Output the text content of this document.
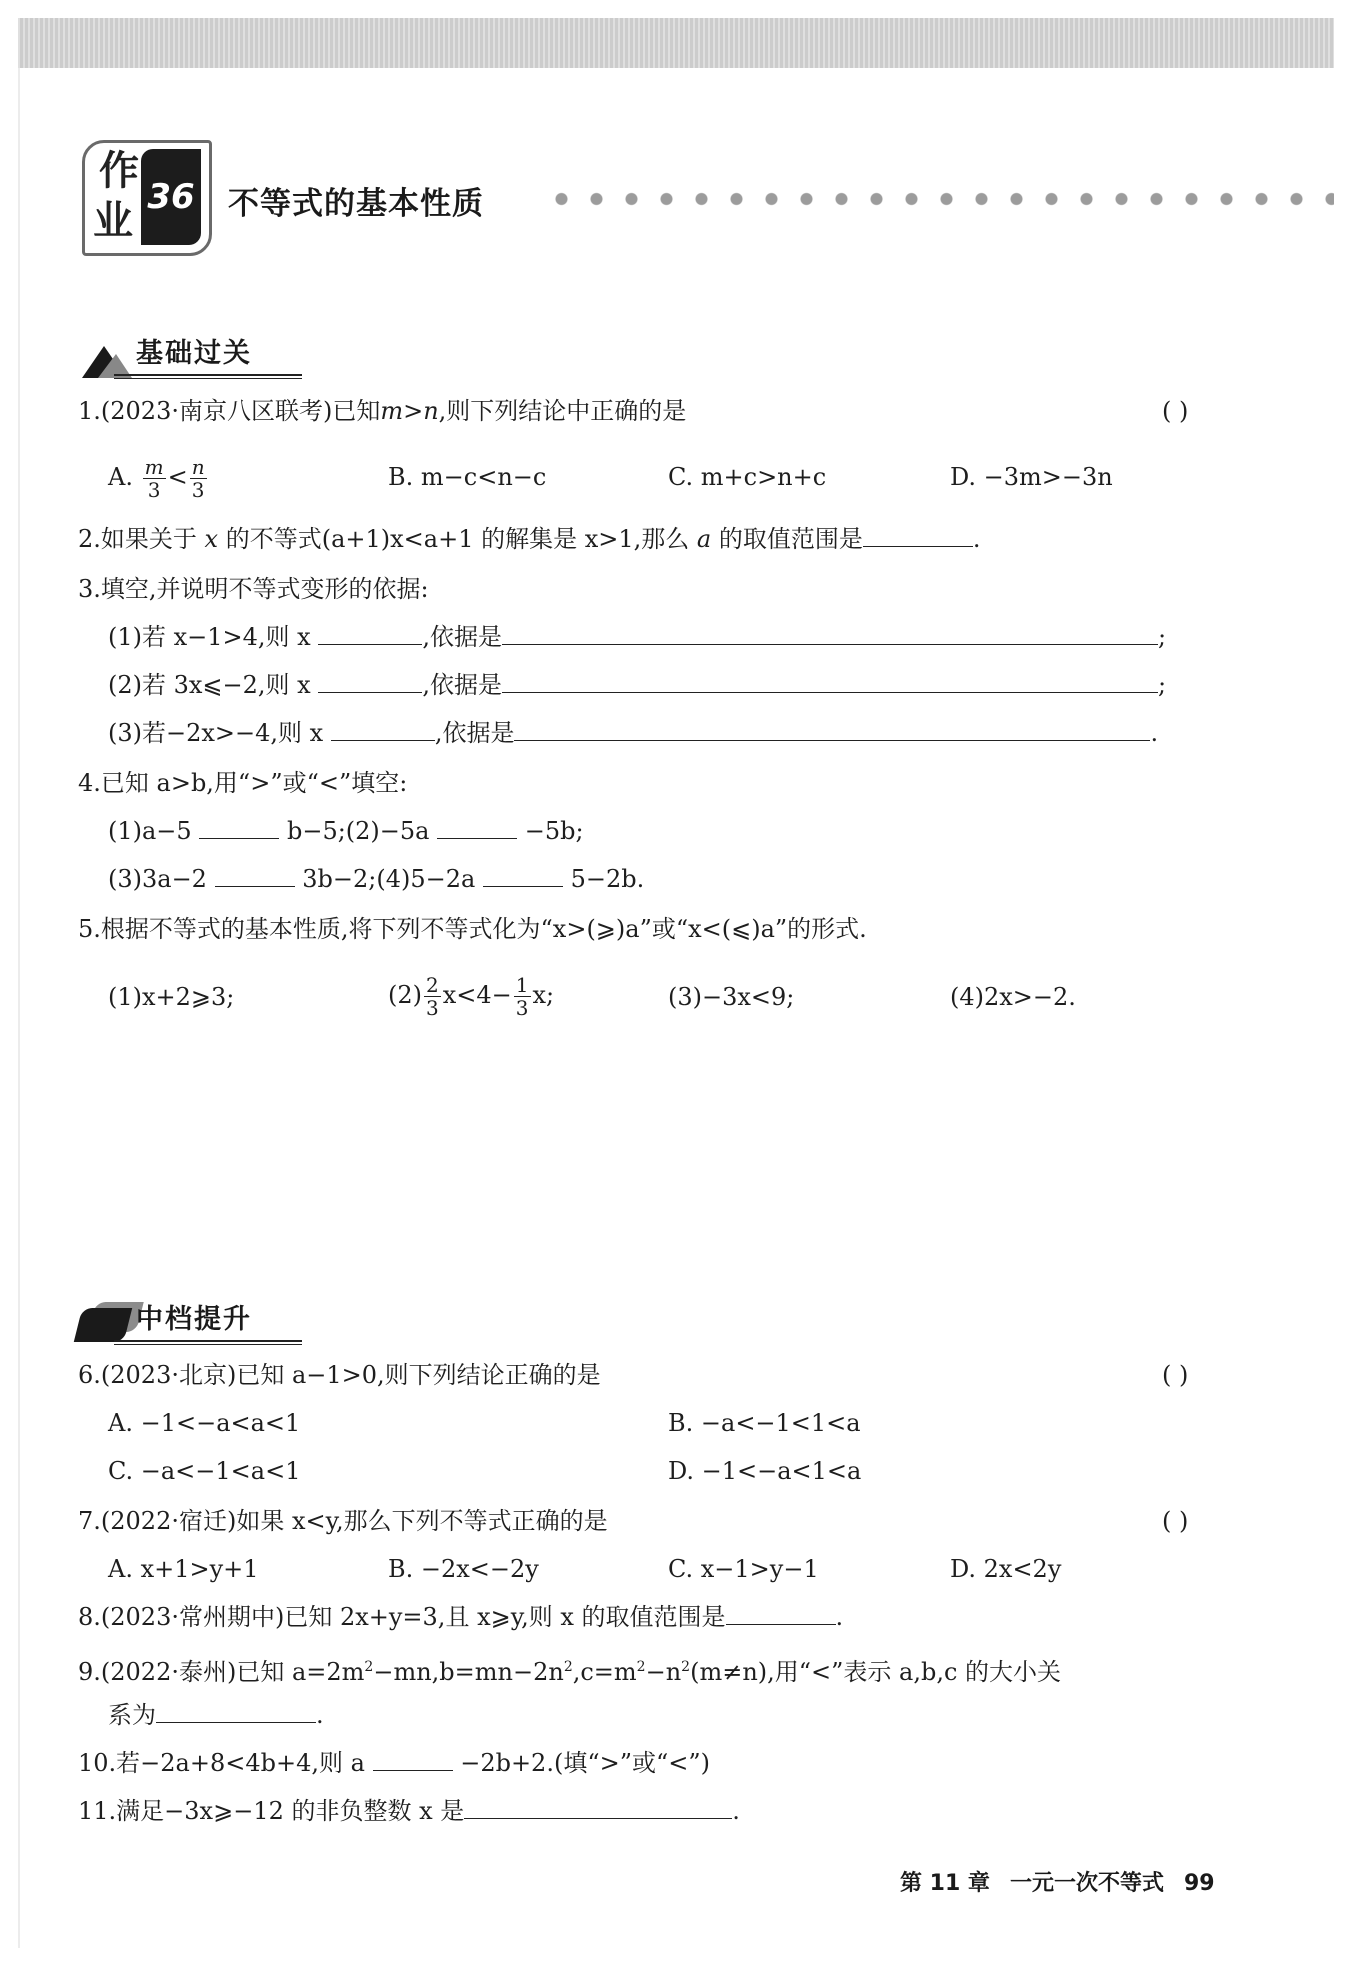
作
业
36 不等式的基本性质
基础过关
1.(2023·南京八区联考)已知m>n,则下列结论中正确的是	( )
A. $\frac{m}{3} < \frac{n}{3}$	B. m−c<n−c	C. m+c>n+c	D. −3m>−3n
2.如果关于 x 的不等式(a+1)x<a+1 的解集是 x>1,那么 a 的取值范围是	.
3.填空,并说明不等式变形的依据:
(1)若 x−1>4,则 x	,依据是	;
(2)若 3x⩽−2,则 x	,依据是	;
(3)若−2x>−4,则 x	,依据是	.
4.已知 a>b,用“>”或“<”填空:
(1)a−5	b−5;(2)−5a	−5b;
(3)3a−2	3b−2;(4)5−2a	5−2b.
5.根据不等式的基本性质,将下列不等式化为“x>(⩾)a”或“x<(⩽)a”的形式.
(1)x+2⩾3;	$(2) \frac{2}{3} x<4- \frac{1}{3} x$;	(3)−3x<9;	(4)2x>−2.
中档提升
6.(2023·北京)已知 a−1>0,则下列结论正确的是	( )
A. −1<−a<a<1	B. −a<−1<1<a
C. −a<−1<a<1	D. −1<−a<1<a
7.(2022·宿迁)如果 x<y,那么下列不等式正确的是	( )
A. x+1>y+1	B. −2x<−2y	C. x−1>y−1	D. 2x<2y
8.(2023·常州期中)已知 2x+y=3,且 x⩾y,则 x 的取值范围是	.
9.(2022·泰州)已知 $a=2m^2-mn,b=mn-2n^2,c=m^2-n^2(m\ne n)$,用“<”表示 a,b,c 的大小关
系为	.
10.若−2a+8<4b+4,则 a	−2b+2.(填“>”或“<”)
11.满足−3x⩾−12 的非负整数 x 是	.
第 11 章 一元一次不等式 99
